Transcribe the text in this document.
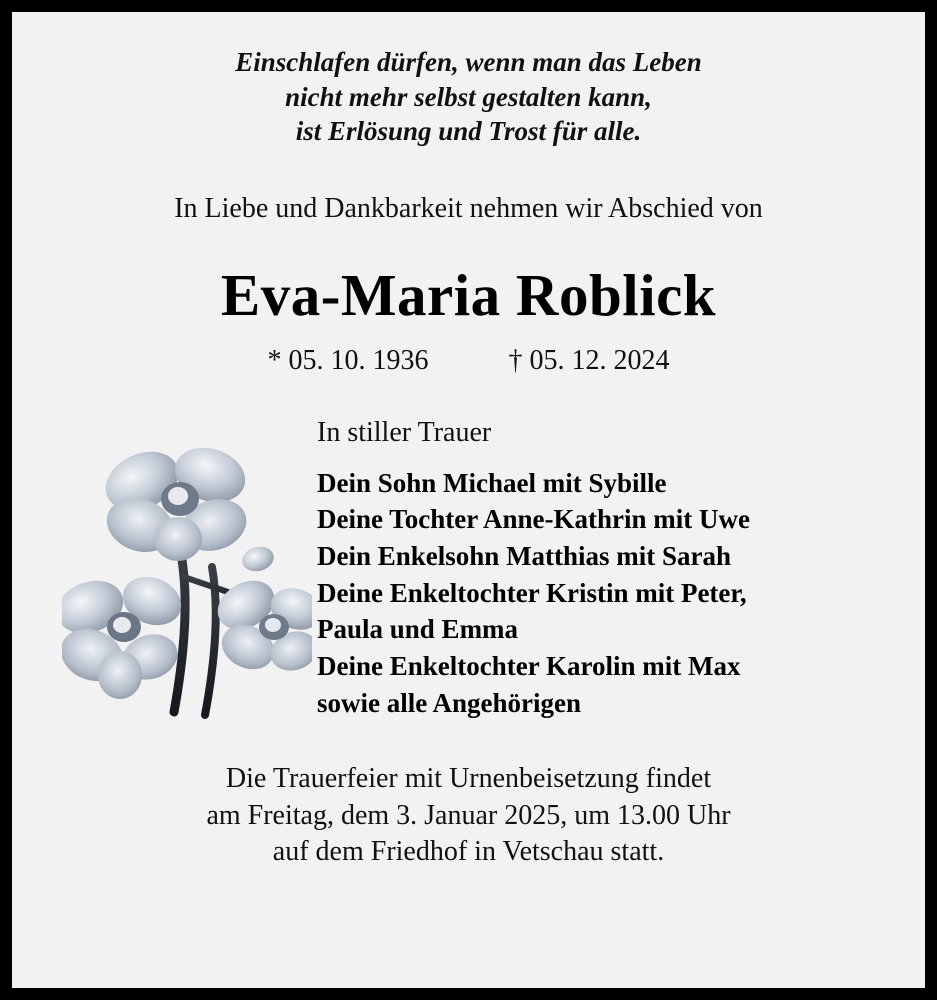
Einschlafen dürfen, wenn man das Leben
nicht mehr selbst gestalten kann,
ist Erlösung und Trost für alle.
In Liebe und Dankbarkeit nehmen wir Abschied von
Eva-Maria Roblick
* 05. 10. 1936	† 05. 12. 2024
In stiller Trauer
Dein Sohn Michael mit Sybille
Deine Tochter Anne-Kathrin mit Uwe
Dein Enkelsohn Matthias mit Sarah
Deine Enkeltochter Kristin mit Peter,
Paula und Emma
Deine Enkeltochter Karolin mit Max
sowie alle Angehörigen
Die Trauerfeier mit Urnenbeisetzung findet
am Freitag, dem 3. Januar 2025, um 13.00 Uhr
auf dem Friedhof in Vetschau statt.
